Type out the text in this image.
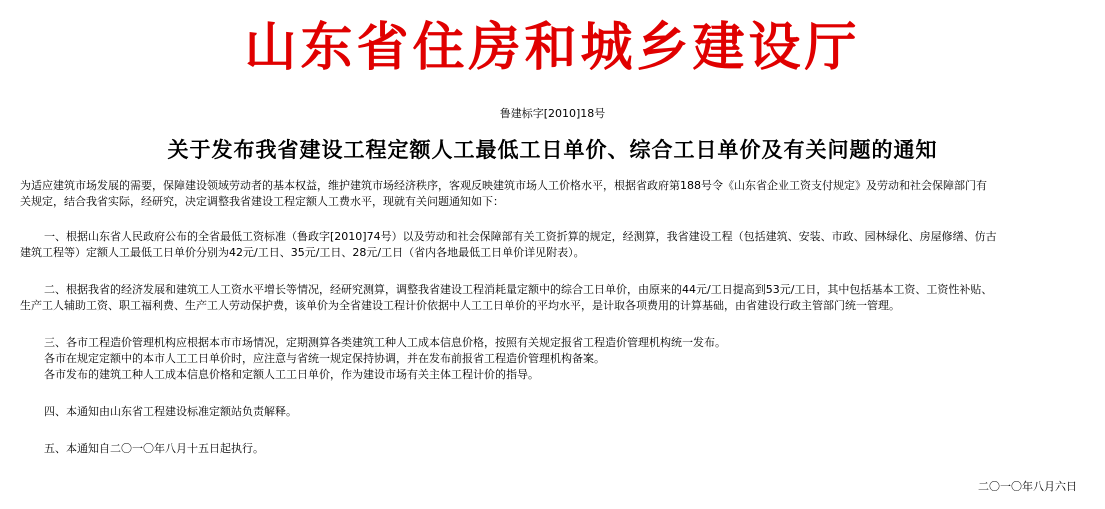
山东省住房和城乡建设厅
鲁建标字[2010]18号
关于发布我省建设工程定额人工最低工日单价、综合工日单价及有关问题的通知
为适应建筑市场发展的需要，保障建设领域劳动者的基本权益，维护建筑市场经济秩序，客观反映建筑市场人工价格水平，根据省政府第188号令《山东省企业工资支付规定》及劳动和社会保障部门有
关规定，结合我省实际，经研究，决定调整我省建设工程定额人工费水平，现就有关问题通知如下：
一、根据山东省人民政府公布的全省最低工资标准（鲁政字[2010]74号）以及劳动和社会保障部有关工资折算的规定，经测算，我省建设工程（包括建筑、安装、市政、园林绿化、房屋修缮、仿古
建筑工程等）定额人工最低工日单价分别为42元/工日、35元/工日、28元/工日（省内各地最低工日单价详见附表）。
二、根据我省的经济发展和建筑工人工资水平增长等情况，经研究测算，调整我省建设工程消耗量定额中的综合工日单价，由原来的44元/工日提高到53元/工日，其中包括基本工资、工资性补贴、
生产工人辅助工资、职工福利费、生产工人劳动保护费，该单价为全省建设工程计价依据中人工工日单价的平均水平，是计取各项费用的计算基础，由省建设行政主管部门统一管理。
三、各市工程造价管理机构应根据本市市场情况，定期测算各类建筑工种人工成本信息价格，按照有关规定报省工程造价管理机构统一发布。
各市在规定定额中的本市人工工日单价时，应注意与省统一规定保持协调，并在发布前报省工程造价管理机构备案。
各市发布的建筑工种人工成本信息价格和定额人工工日单价，作为建设市场有关主体工程计价的指导。
四、本通知由山东省工程建设标准定额站负责解释。
五、本通知自二〇一〇年八月十五日起执行。
二〇一〇年八月六日
